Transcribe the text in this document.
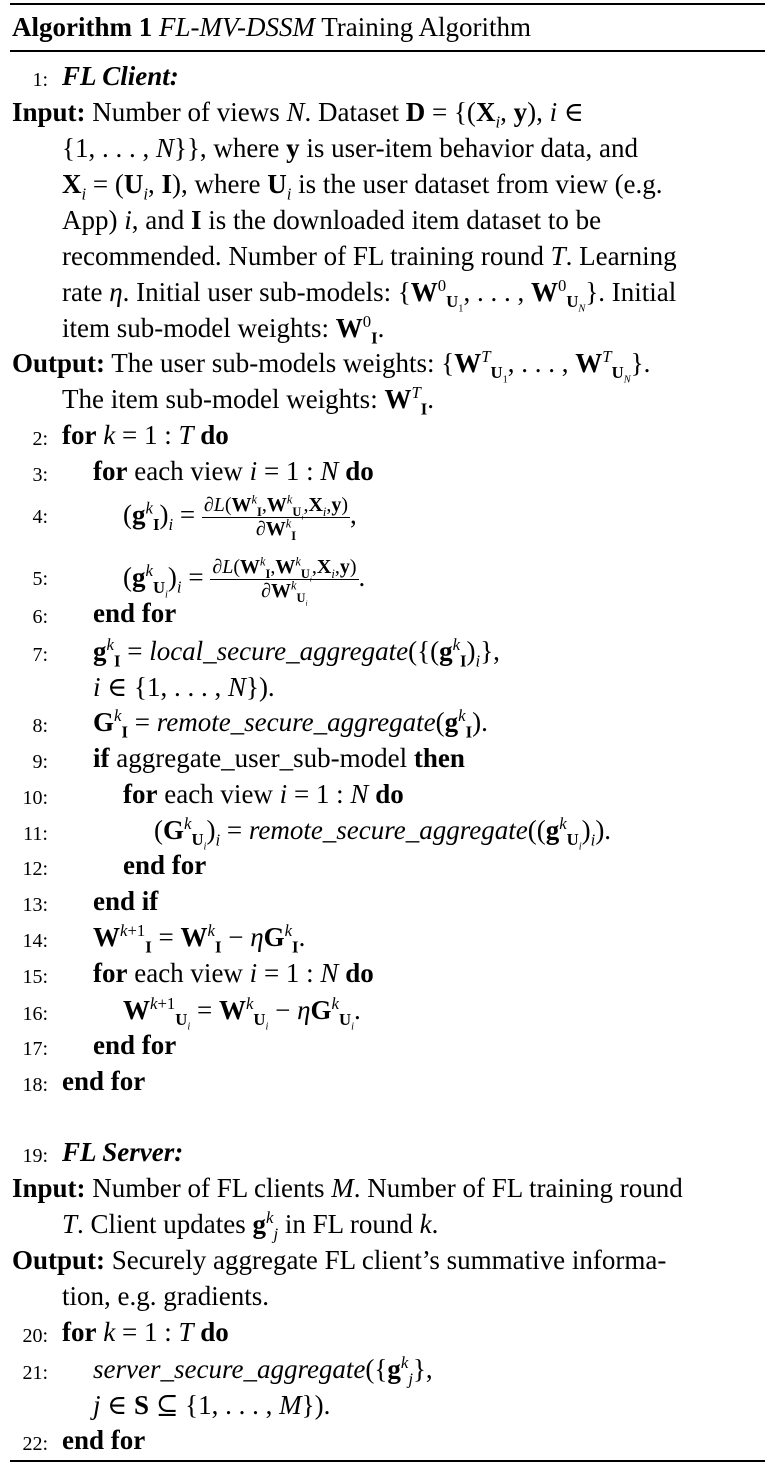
Algorithm 1 FL-MV-DSSM Training Algorithm
1: FL Client:
Input: Number of views N. Dataset $D = \{(X_i$, y), i ∈
{1, . . . , N}}, where y is user-item behavior data, and
$X_i = (U_i$, I), where $U_i$ is the user dataset from view (e.g.
App) i, and I is the downloaded item dataset to be
recommended. Number of FL training round T. Learning
rate η. Initial user sub-models: {$W^0_{U_1}$, . . . , $W^0_{U_N}$}. Initial
item sub-model weights: $W^0_I$.
Output: The user sub-models weights: {$W^T_{U_1}$, . . . , $W^T_{U_N}$}.
The item sub-model weights: $W^T_I$.
2: for k = 1 : T do
3: for each view i = 1 : N do
4:	$(g^k_I)_i = \frac{\partial L(W^k_I,W^k_{U_i},X_i,y)}{\partial W^k_I}$ ,
5:	$(g^k_{U_i})_i = \frac{\partial L(W^k_I,W^k_{U_i},X_i,y)}{\partial W^k_{U_i}}$ .
6: end for
7: $g^k_I$ = $local\_secure\_aggregate(\{(g^k_I)_i\}$,
i ∈ {1, . . . , N}).
8: $G^k_I$ = $remote\_secure\_aggregate(g^k_I)$.
9: if aggregate_user_sub-model then
10:	for each view i = 1 : N do
11:	$(G^k_{U_i})_i$ = $remote\_secure\_aggregate((g^k_{U_i})_i)$.
12:	end for
13: end if
14: $W^{k+1}_I = W^k_I - \eta G^k_I$.
15: for each view i = 1 : N do
16:	$W^{k+1}_{U_i} = W^k_{U_i} - \eta G^k_{U_i}$.
17: end for
18: end for
19: FL Server:
Input: Number of FL clients M. Number of FL training round
T. Client updates $g^k_j$ in FL round k.
Output: Securely aggregate FL client’s summative informa-
tion, e.g. gradients.
20: for k = 1 : T do
21: $server\_secure\_aggregate(\{g^k_j\}$,
j ∈ S ⊆ {1, . . . , M}).
22: end for
